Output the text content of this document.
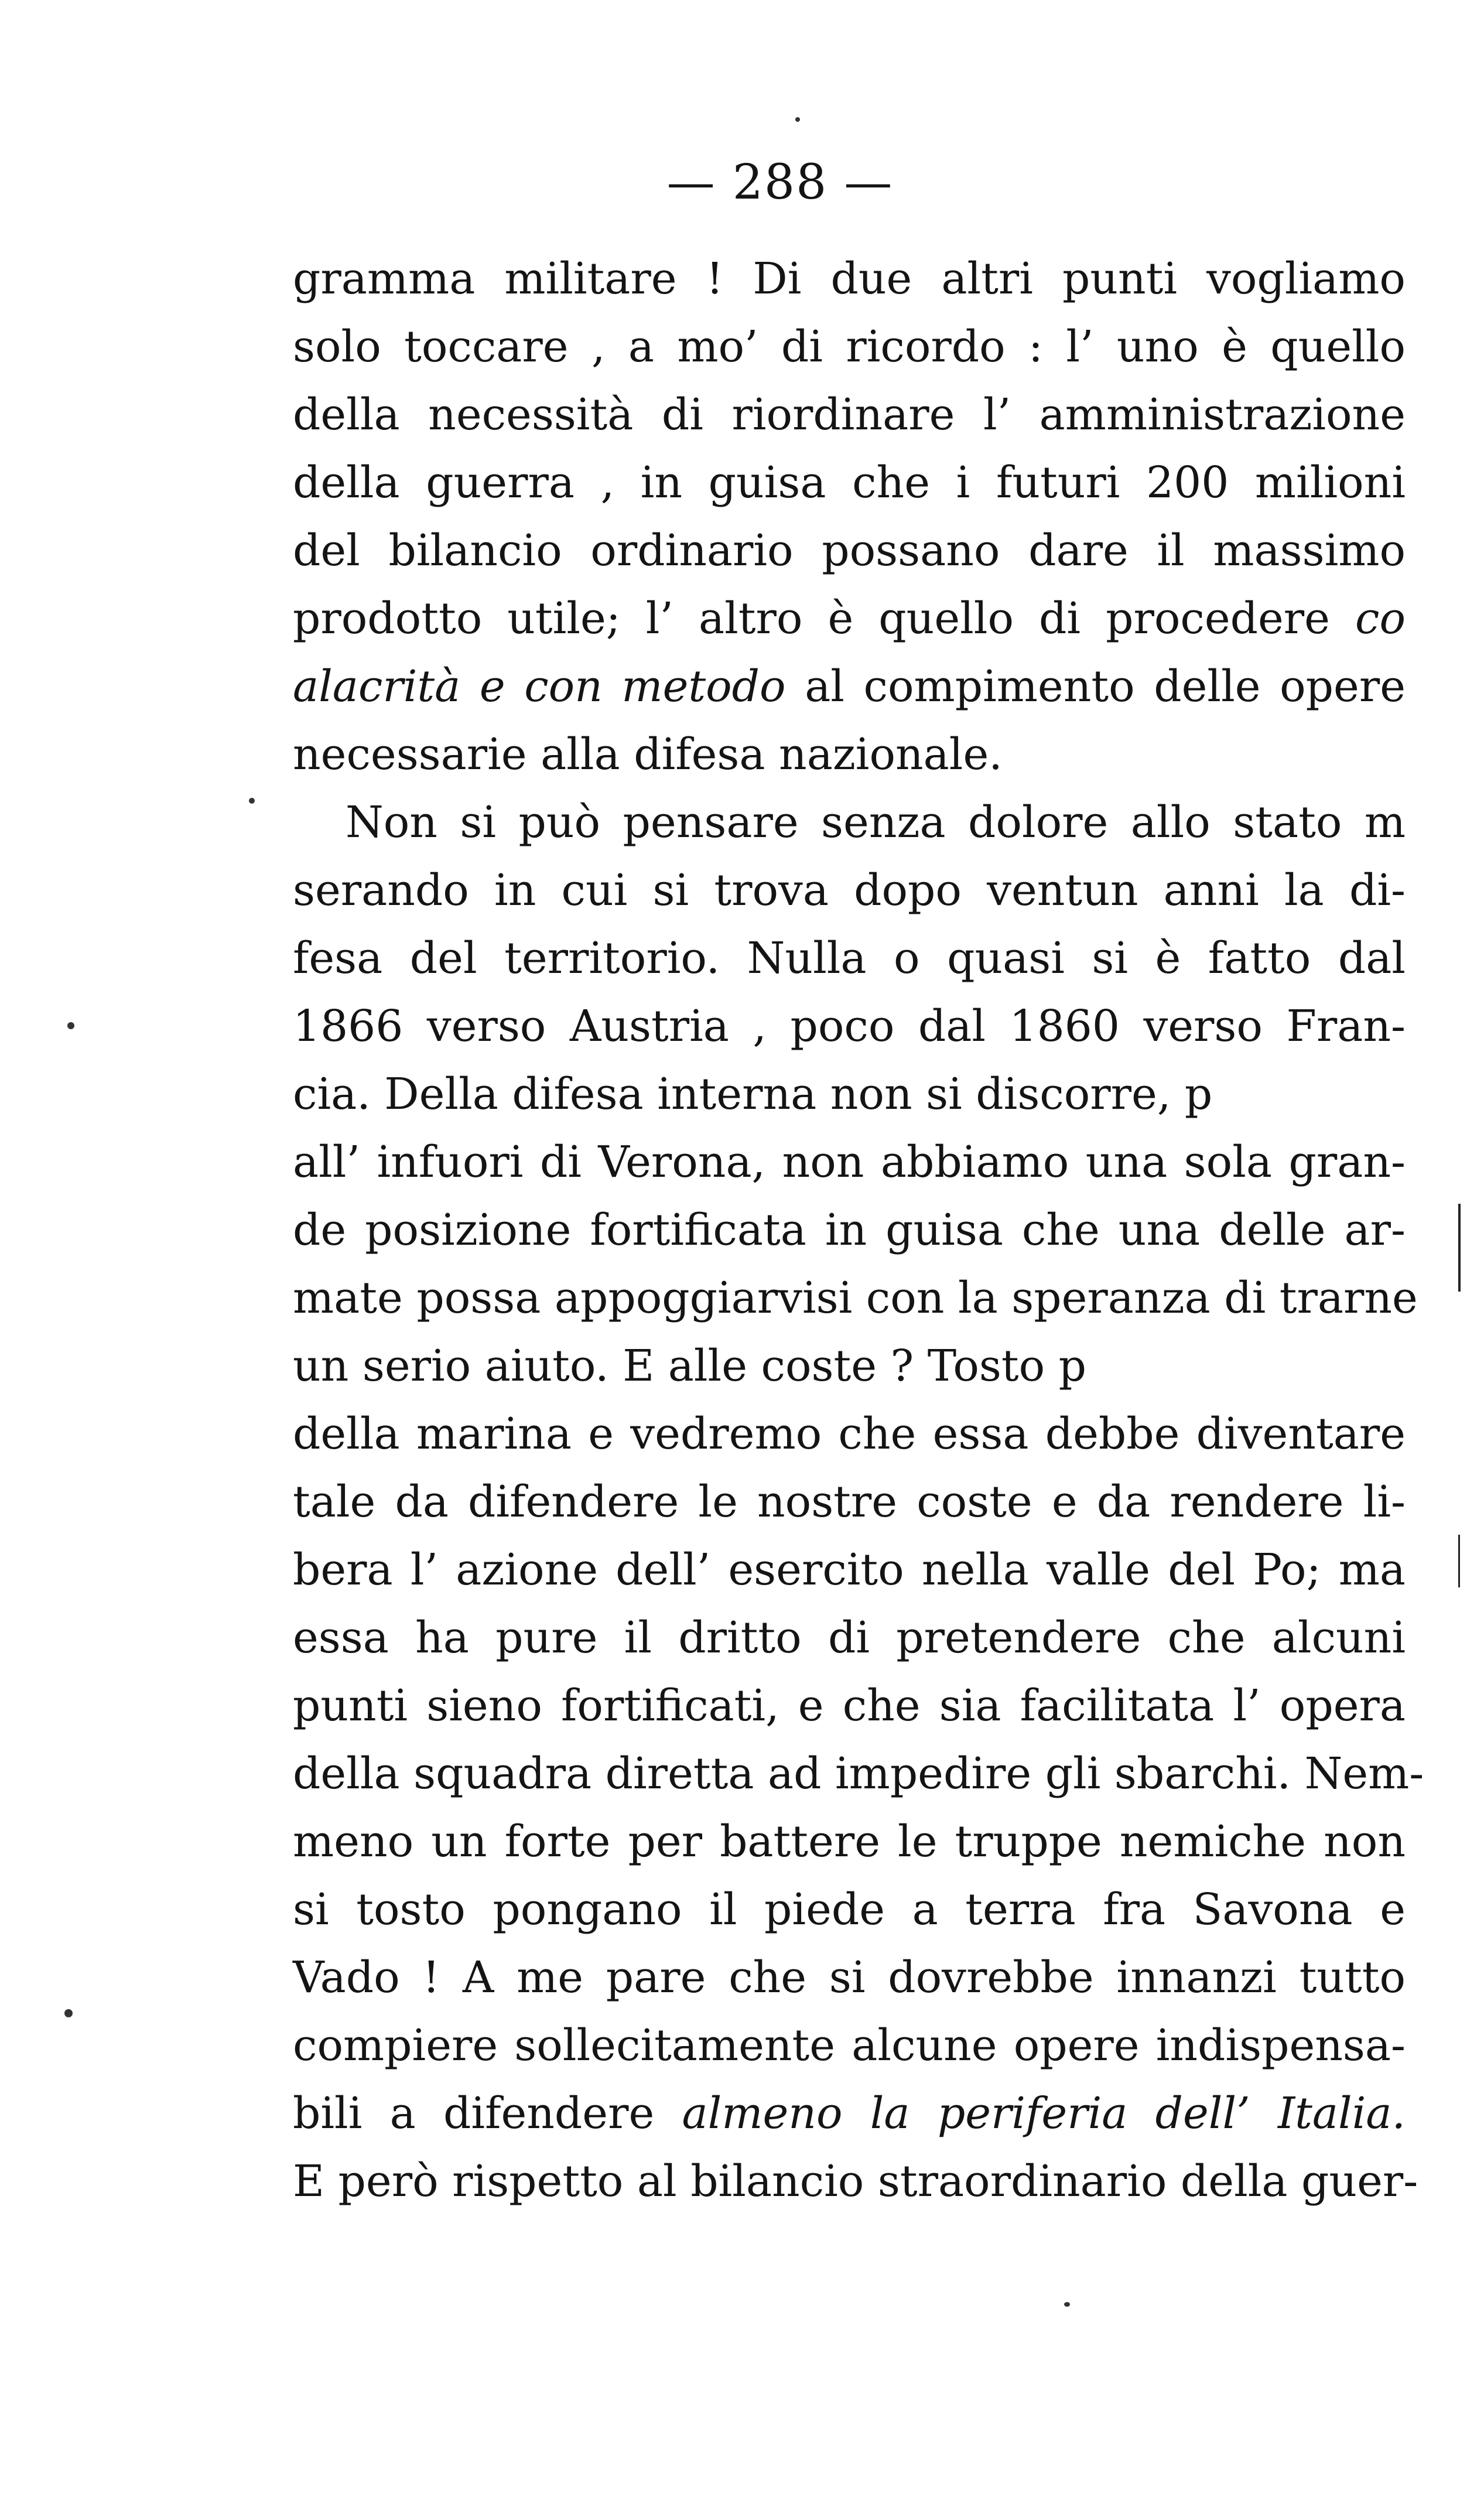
— 288 —
gramma militare ! Di due altri punti vogliamo
solo toccare , a mo’ di ricordo : l’ uno è quello
della necessità di riordinare l’ amministrazione
della guerra , in guisa che i futuri 200 milioni
del bilancio ordinario possano dare il massimo
prodotto utile; l’ altro è quello di procedere co
alacrità e con metodo al compimento delle opere
necessarie alla difesa nazionale.
Non si può pensare senza dolore allo stato m
serando in cui si trova dopo ventun anni la di-
fesa del territorio. Nulla o quasi si è fatto dal
1866 verso Austria , poco dal 1860 verso Fran-
cia. Della difesa interna non si discorre, p
all’ infuori di Verona, non abbiamo una sola gran-
de posizione fortificata in guisa che una delle ar-
mate possa appoggiarvisi con la speranza di trarne
un serio aiuto. E alle coste ? Tosto p
della marina e vedremo che essa debbe diventare
tale da difendere le nostre coste e da rendere li-
bera l’ azione dell’ esercito nella valle del Po; ma
essa ha pure il dritto di pretendere che alcuni
punti sieno fortificati, e che sia facilitata l’ opera
della squadra diretta ad impedire gli sbarchi. Nem-
meno un forte per battere le truppe nemiche non
si tosto pongano il piede a terra fra Savona e
Vado ! A me pare che si dovrebbe innanzi tutto
compiere sollecitamente alcune opere indispensa-
bili a difendere almeno la periferia dell’ Italia.
E però rispetto al bilancio straordinario della guer-
